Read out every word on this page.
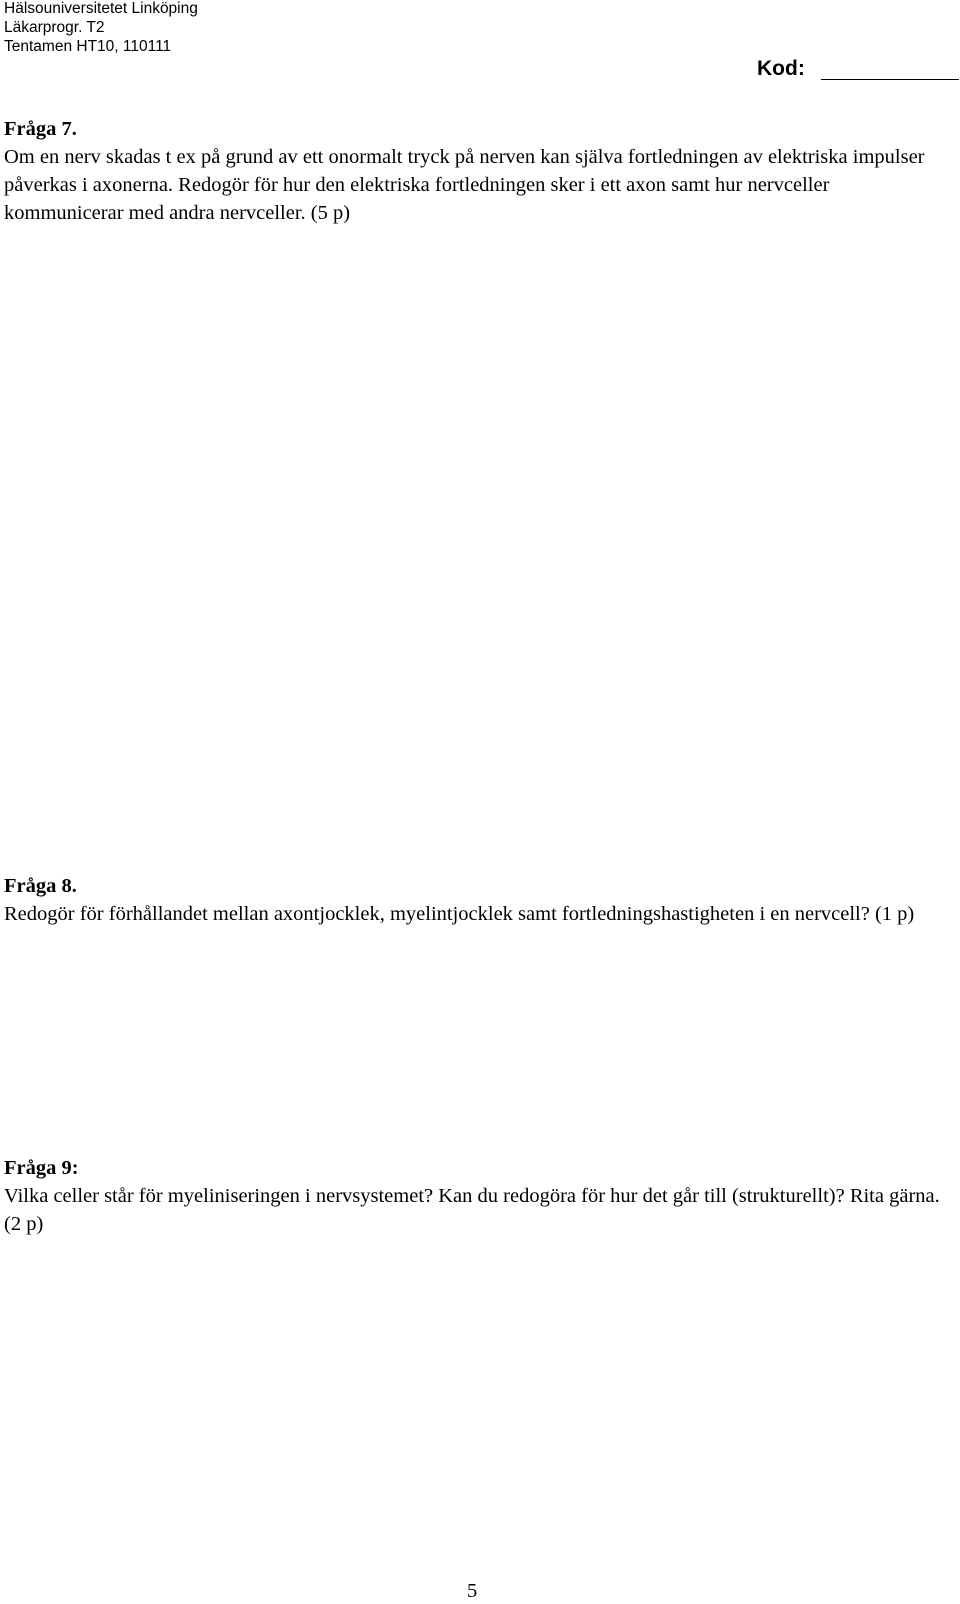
Hälsouniversitetet Linköping
Läkarprogr. T2
Tentamen HT10, 110111
Kod:
Fråga 7.

Om en nerv skadas t ex på grund av ett onormalt tryck på nerven kan själva fortledningen av elektriska impulser påverkas i axonerna. Redogör för hur den elektriska fortledningen sker i ett axon samt hur nervceller kommunicerar med andra nervceller. (5 p)

Fråga 8.

Redogör för förhållandet mellan axontjocklek, myelintjocklek samt fortledningshastigheten i en nervcell? (1 p)

Fråga 9:

Vilka celler står för myeliniseringen i nervsystemet? Kan du redogöra för hur det går till (strukturellt)? Rita gärna. (2 p)

5
